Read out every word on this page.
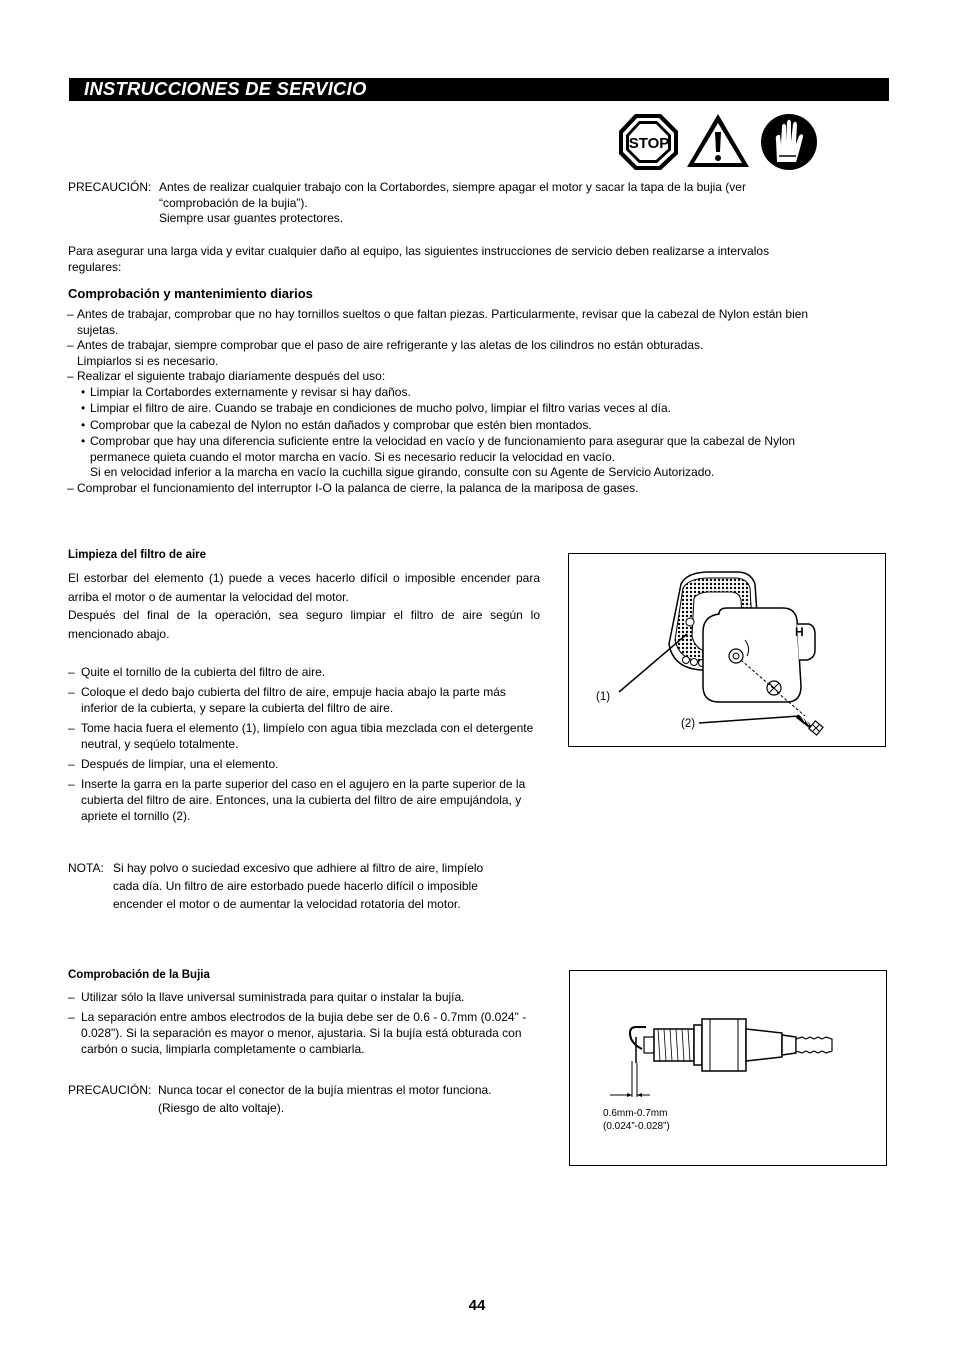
INSTRUCCIONES DE SERVICIO
STOP
PRECAUCIÓN: Antes de realizar cualquier trabajo con la Cortabordes, siempre apagar el motor y sacar la tapa de la bujia (ver

“comprobación de la bujia”).

Siempre usar guantes protectores.

Para asegurar una larga vida y evitar cualquier daño al equipo, las siguientes instrucciones de servicio deben realizarse a intervalos

regulares:

Comprobación y mantenimiento diarios
– Antes de trabajar, comprobar que no hay tornillos sueltos o que faltan piezas. Particularmente, revisar que la cabezal de Nylon están bien

sujetas.

– Antes de trabajar, siempre comprobar que el paso de aire refrigerante y las aletas de los cilindros no están obturadas.

Limpiarlos si es necesario.

– Realizar el siguiente trabajo diariamente después del uso:

• Limpiar la Cortabordes externamente y revisar si hay daños.

• Limpiar el filtro de aire. Cuando se trabaje en condiciones de mucho polvo, limpiar el filtro varias veces al día.

• Comprobar que la cabezal de Nylon no están dañados y comprobar que estén bien montados.

• Comprobar que hay una diferencia suficiente entre la velocidad en vacío y de funcionamiento para asegurar que la cabezal de Nylon

permanece quieta cuando el motor marcha en vacío. Si es necesario reducir la velocidad en vacío.

Si en velocidad inferior a la marcha en vacío la cuchilla sigue girando, consulte con su Agente de Servicio Autorizado.

– Comprobar el funcionamiento del interruptor I-O la palanca de cierre, la palanca de la mariposa de gases.

Limpieza del filtro de aire

El estorbar del elemento (1) puede a veces hacerlo difícil o imposible encender para arriba el motor o de aumentar la velocidad del motor.

Después del final de la operación, sea seguro limpiar el filtro de aire según lo mencionado abajo.

– Quite el tornillo de la cubierta del filtro de aire.

– Coloque el dedo bajo cubierta del filtro de aire, empuje hacia abajo la parte más inferior de la cubierta, y separe la cubierta del filtro de aire.

– Tome hacia fuera el elemento (1), limpíelo con agua tibia mezclada con el detergente neutral, y seqúelo totalmente.

– Después de limpiar, una el elemento.

– Inserte la garra en la parte superior del caso en el agujero en la parte superior de la cubierta del filtro de aire. Entonces, una la cubierta del filtro de aire empujándola, y apriete el tornillo (2).

H
(1)
(2)
NOTA: Si hay polvo o suciedad excesivo que adhiere al filtro de aire, limpíelo

cada día. Un filtro de aire estorbado puede hacerlo difícil o imposible

encender el motor o de aumentar la velocidad rotatoria del motor.

Comprobación de la Bujia
– Utilizar sólo la llave universal suministrada para quitar o instalar la bujía.

– La separación entre ambos electrodos de la bujia debe ser de 0.6 - 0.7mm (0.024" - 0.028"). Si la separación es mayor o menor, ajustaria. Si la bujía está obturada con carbón o sucia, limpiarla completamente o cambiarla.

PRECAUCIÓN: Nunca tocar el conector de la bujía mientras el motor funciona.

(Riesgo de alto voltaje).	0.6mm-0.7mm
(0.024”-0.028”)
44
